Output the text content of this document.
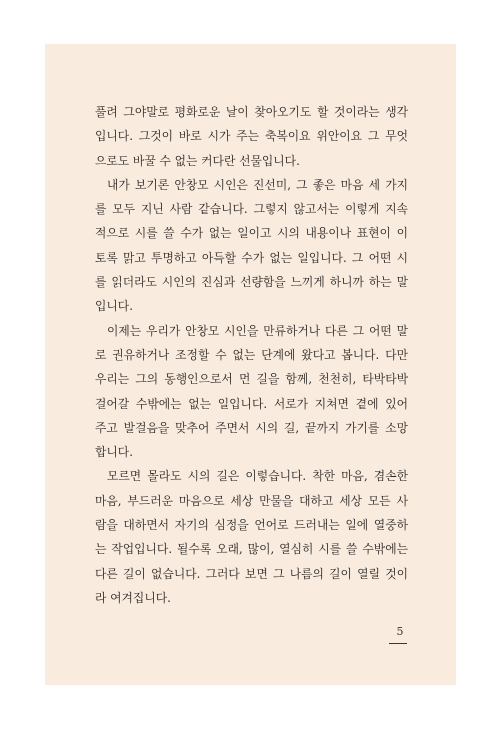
풀려 그야말로 평화로운 날이 찾아오기도 할 것이라는 생각
입니다. 그것이 바로 시가 주는 축복이요 위안이요 그 무엇
으로도 바꿀 수 없는 커다란 선물입니다.
내가 보기론 안창모 시인은 진선미, 그 좋은 마음 세 가지
를 모두 지닌 사람 같습니다. 그렇지 않고서는 이렇게 지속
적으로 시를 쓸 수가 없는 일이고 시의 내용이나 표현이 이
토록 맑고 투명하고 아득할 수가 없는 일입니다. 그 어떤 시
를 읽더라도 시인의 진심과 선량함을 느끼게 하니까 하는 말
입니다.
이제는 우리가 안창모 시인을 만류하거나 다른 그 어떤 말
로 권유하거나 조정할 수 없는 단계에 왔다고 봅니다. 다만
우리는 그의 동행인으로서 먼 길을 함께, 천천히, 타박타박
걸어갈 수밖에는 없는 일입니다. 서로가 지쳐면 곁에 있어
주고 발걸음을 맞추어 주면서 시의 길, 끝까지 가기를 소망
합니다.
모르면 몰라도 시의 길은 이렇습니다. 착한 마음, 겸손한
마음, 부드러운 마음으로 세상 만물을 대하고 세상 모든 사
람을 대하면서 자기의 심정을 언어로 드러내는 일에 열중하
는 작업입니다. 될수록 오래, 많이, 열심히 시를 쓸 수밖에는
다른 길이 없습니다. 그러다 보면 그 나름의 길이 열릴 것이
라 여겨집니다.
5
